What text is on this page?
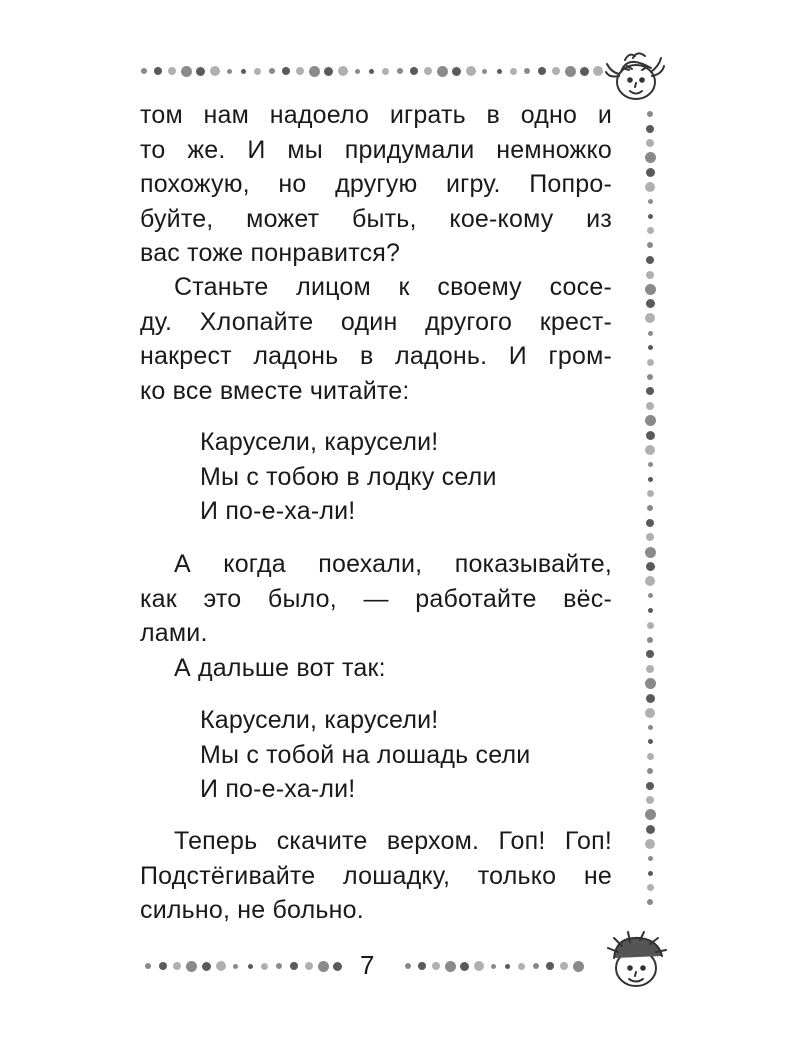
том нам надоело играть в одно и
то же. И мы придумали немножко
похожую, но другую игру. Попро-
буйте, может быть, кое-кому из
вас тоже понравится?
Станьте лицом к своему сосе-
ду. Хлопайте один другого крест-
накрест ладонь в ладонь. И гром-
ко все вместе читайте:
Карусели, карусели!
Мы с тобою в лодку сели
И по-е-ха-ли!
А когда поехали, показывайте,
как это было, — работайте вёс-
лами.
А дальше вот так:
Карусели, карусели!
Мы с тобой на лошадь сели
И по-е-ха-ли!
Теперь скачите верхом. Гоп! Гоп!
Подстёгивайте лошадку, только не
сильно, не больно.
7
